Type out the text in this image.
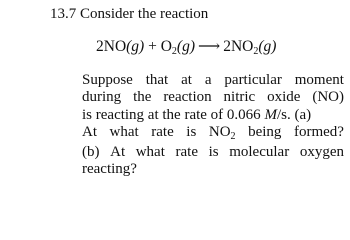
13.7 Consider the reaction
$2NO(g) + O_2(g)$ ⟶ $2NO_2(g)$
Suppose that at a particular moment
during the reaction nitric oxide (NO)
is reacting at the rate of 0.066 M /s. (a)
At what rate is $NO_2$ being formed?
(b) At what rate is molecular oxygen
reacting?
